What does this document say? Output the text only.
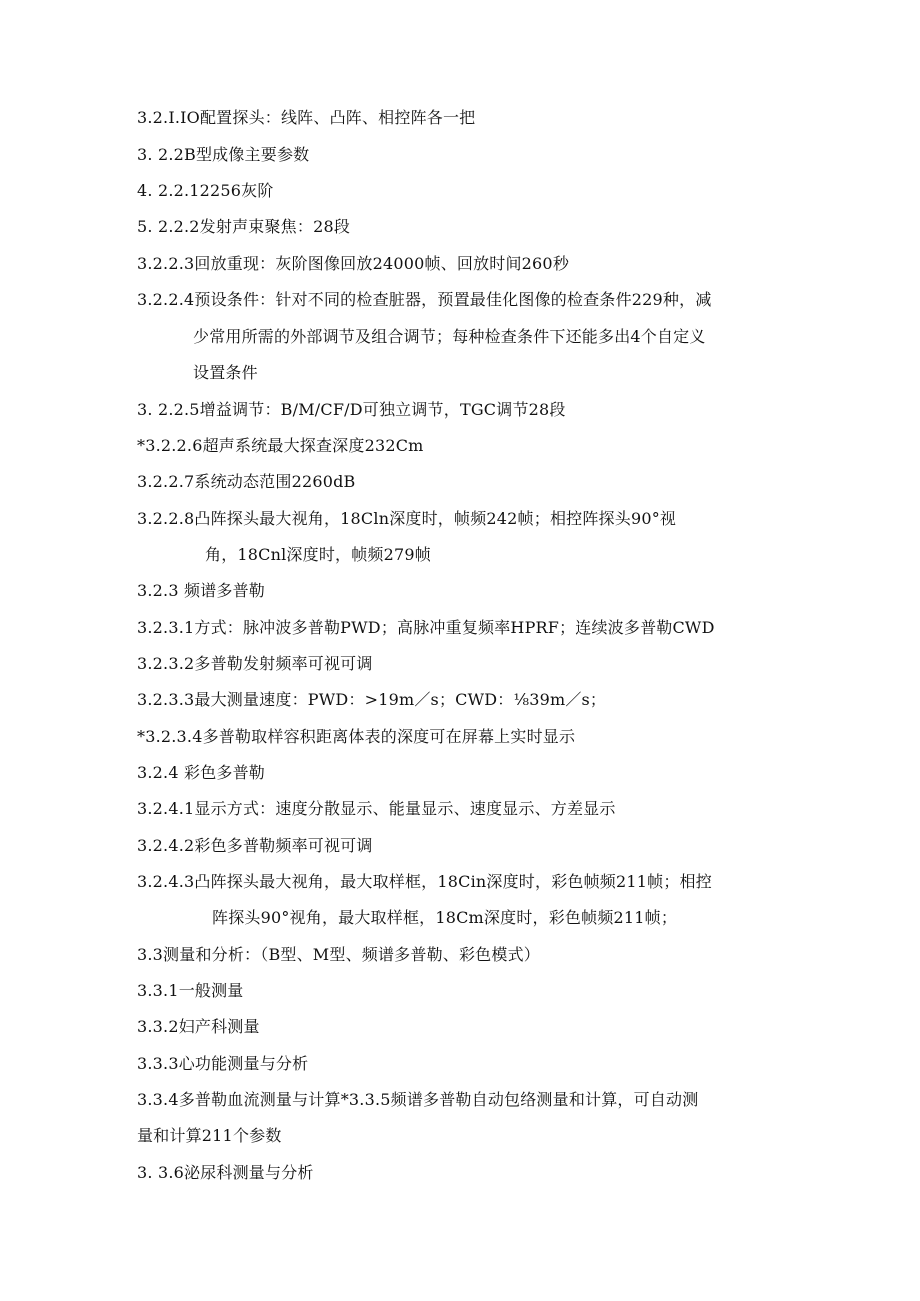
3.2.I.IO配置探头：线阵、凸阵、相控阵各一把
3. 2.2B型成像主要参数
4. 2.2.12256灰阶
5. 2.2.2发射声束聚焦：28段
3.2.2.3回放重现：灰阶图像回放24000帧、回放时间260秒
3.2.2.4预设条件：针对不同的检查脏器，预置最佳化图像的检查条件229种，减
少常用所需的外部调节及组合调节；每种检查条件下还能多出4个自定义
设置条件
3. 2.2.5增益调节：B/M/CF/D可独立调节，TGC调节28段
*3.2.2.6超声系统最大探查深度232Cm
3.2.2.7系统动态范围2260dB
3.2.2.8凸阵探头最大视角，18Cln深度时，帧频242帧；相控阵探头90°视
角，18Cnl深度时，帧频279帧
3.2.3 频谱多普勒
3.2.3.1方式：脉冲波多普勒PWD；高脉冲重复频率HPRF；连续波多普勒CWD
3.2.3.2多普勒发射频率可视可调
3.2.3.3最大测量速度：PWD：>19m／s；CWD：⅛39m／s；
*3.2.3.4多普勒取样容积距离体表的深度可在屏幕上实时显示
3.2.4 彩色多普勒
3.2.4.1显示方式：速度分散显示、能量显示、速度显示、方差显示
3.2.4.2彩色多普勒频率可视可调
3.2.4.3凸阵探头最大视角，最大取样框，18Cin深度时，彩色帧频211帧；相控
阵探头90°视角，最大取样框，18Cm深度时，彩色帧频211帧；
3.3测量和分析：（B型、M型、频谱多普勒、彩色模式）
3.3.1一般测量
3.3.2妇产科测量
3.3.3心功能测量与分析
3.3.4多普勒血流测量与计算*3.3.5频谱多普勒自动包络测量和计算，可自动测
量和计算211个参数
3. 3.6泌尿科测量与分析
